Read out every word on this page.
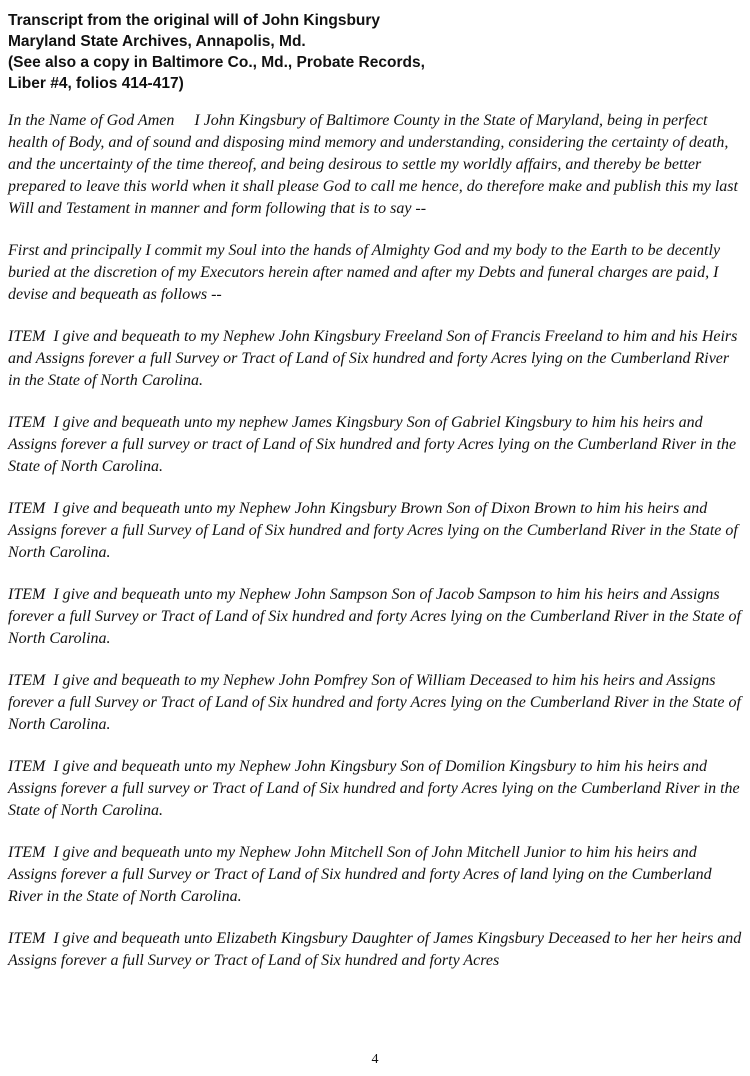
Transcript from the original will of John Kingsbury
Maryland State Archives, Annapolis, Md.
(See also a copy in Baltimore Co., Md., Probate Records,
Liber #4, folios 414-417)

In the Name of God Amen     I John Kingsbury of Baltimore County in the State of Maryland, being in perfect health of Body, and of sound and disposing mind memory and understanding, considering the certainty of death, and the uncertainty of the time thereof, and being desirous to settle my worldly affairs, and thereby be better prepared to leave this world when it shall please God to call me hence, do therefore make and publish this my last Will and Testament in manner and form following that is to say --

First and principally I commit my Soul into the hands of Almighty God and my body to the Earth to be decently buried at the discretion of my Executors herein after named and after my Debts and funeral charges are paid, I devise and bequeath as follows --

ITEM  I give and bequeath to my Nephew John Kingsbury Freeland Son of Francis Freeland to him and his Heirs and Assigns forever a full Survey or Tract of Land of Six hundred and forty Acres lying on the Cumberland River in the State of North Carolina.

ITEM  I give and bequeath unto my nephew James Kingsbury Son of Gabriel Kingsbury to him his heirs and Assigns forever a full survey or tract of Land of Six hundred and forty Acres lying on the Cumberland River in the State of North Carolina.

ITEM  I give and bequeath unto my Nephew John Kingsbury Brown Son of Dixon Brown to him his heirs and Assigns forever a full Survey of Land of Six hundred and forty Acres lying on the Cumberland River in the State of North Carolina.

ITEM  I give and bequeath unto my Nephew John Sampson Son of Jacob Sampson to him his heirs and Assigns forever a full Survey or Tract of Land of Six hundred and forty Acres lying on the Cumberland River in the State of North Carolina.

ITEM  I give and bequeath to my Nephew John Pomfrey Son of William Deceased to him his heirs and Assigns forever a full Survey or Tract of Land of Six hundred and forty Acres lying on the Cumberland River in the State of North Carolina.

ITEM  I give and bequeath unto my Nephew John Kingsbury Son of Domilion Kingsbury to him his heirs and Assigns forever a full survey or Tract of Land of Six hundred and forty Acres lying on the Cumberland River in the State of North Carolina.

ITEM  I give and bequeath unto my Nephew John Mitchell Son of John Mitchell Junior to him his heirs and Assigns forever a full Survey or Tract of Land of Six hundred and forty Acres of land lying on the Cumberland River in the State of North Carolina.

ITEM  I give and bequeath unto Elizabeth Kingsbury Daughter of James Kingsbury Deceased to her her heirs and Assigns forever a full Survey or Tract of Land of Six hundred and forty Acres

4
